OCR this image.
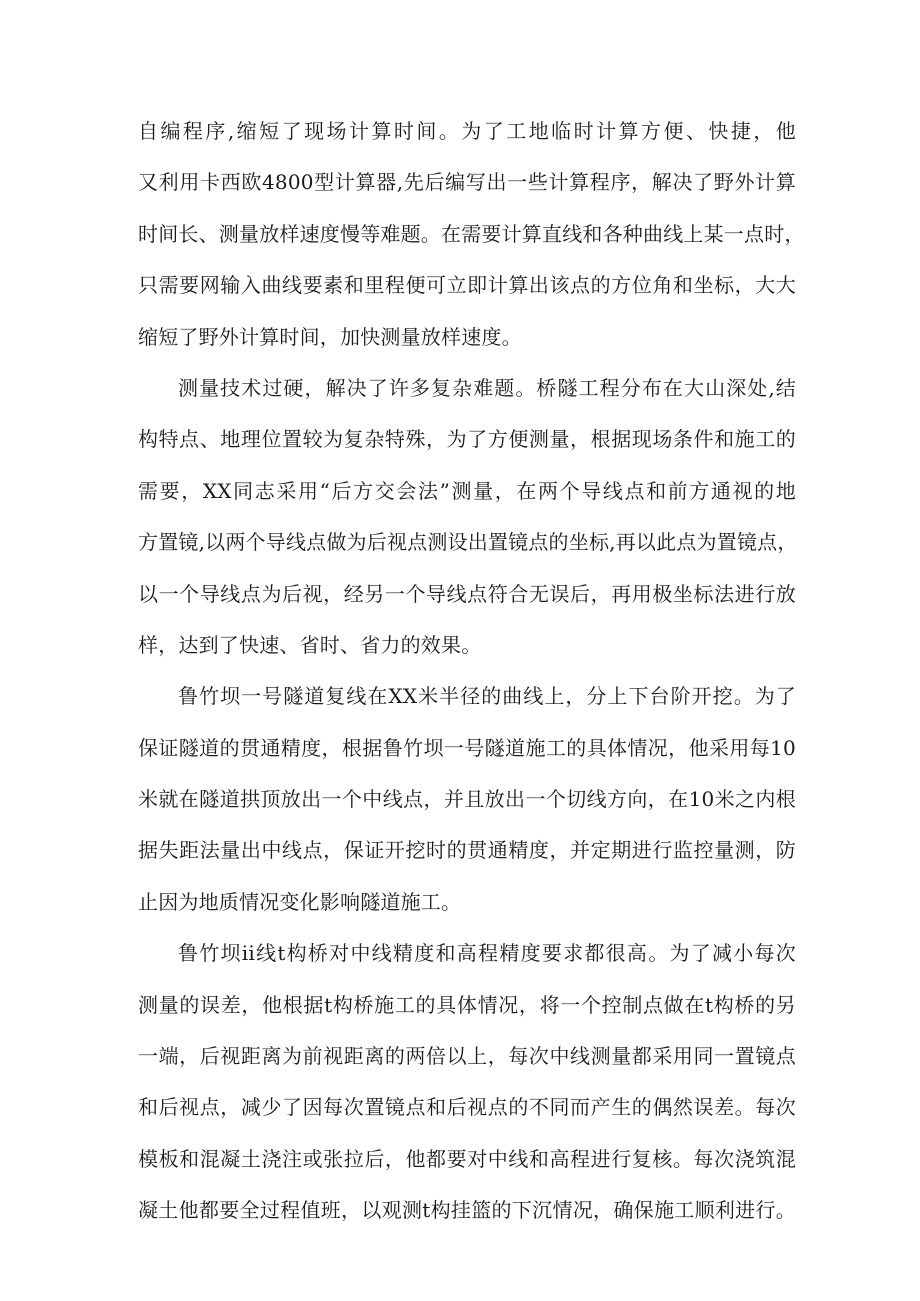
自编程序,缩短了现场计算时间。为了工地临时计算方便、快捷，他
又利用卡西欧4800型计算器,先后编写出一些计算程序，解决了野外计算
时间长、测量放样速度慢等难题。在需要计算直线和各种曲线上某一点时，
只需要网输入曲线要素和里程便可立即计算出该点的方位角和坐标，大大
缩短了野外计算时间，加快测量放样速度。
测量技术过硬，解决了许多复杂难题。桥隧工程分布在大山深处,结
构特点、地理位置较为复杂特殊，为了方便测量，根据现场条件和施工的
需要，XX同志采用“后方交会法”测量，在两个导线点和前方通视的地
方置镜,以两个导线点做为后视点测设出置镜点的坐标,再以此点为置镜点，
以一个导线点为后视，经另一个导线点符合无误后，再用极坐标法进行放
样，达到了快速、省时、省力的效果。
鲁竹坝一号隧道复线在XX米半径的曲线上，分上下台阶开挖。为了
保证隧道的贯通精度，根据鲁竹坝一号隧道施工的具体情况，他采用每10
米就在隧道拱顶放出一个中线点，并且放出一个切线方向，在10米之内根
据失距法量出中线点，保证开挖时的贯通精度，并定期进行监控量测，防
止因为地质情况变化影响隧道施工。
鲁竹坝ii线t构桥对中线精度和高程精度要求都很高。为了减小每次
测量的误差，他根据t构桥施工的具体情况，将一个控制点做在t构桥的另
一端，后视距离为前视距离的两倍以上，每次中线测量都采用同一置镜点
和后视点，减少了因每次置镜点和后视点的不同而产生的偶然误差。每次
模板和混凝土浇注或张拉后，他都要对中线和高程进行复核。每次浇筑混
凝土他都要全过程值班，以观测t构挂篮的下沉情况，确保施工顺利进行。
